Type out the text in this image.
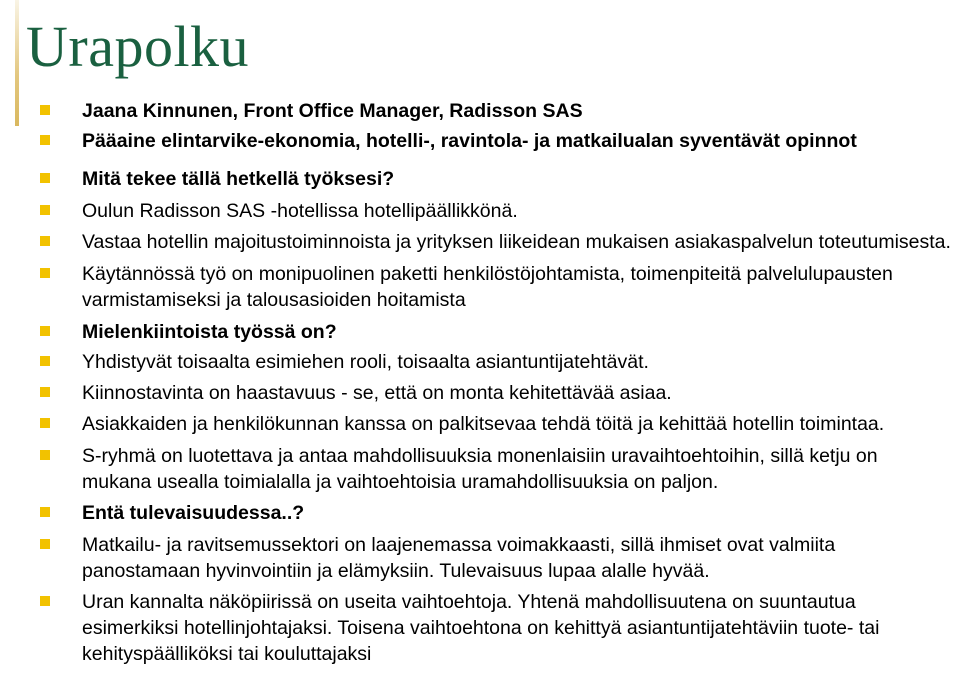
Urapolku
Jaana Kinnunen, Front Office Manager, Radisson SAS
Pääaine elintarvike-ekonomia, hotelli-, ravintola- ja matkailualan syventävät opinnot
Mitä tekee tällä hetkellä työksesi?
Oulun Radisson SAS -hotellissa hotellipäällikkönä.
Vastaa hotellin majoitustoiminnoista ja yrityksen liikeidean mukaisen asiakaspalvelun toteutumisesta.
Käytännössä työ on monipuolinen paketti henkilöstöjohtamista, toimenpiteitä palvelulupausten varmistamiseksi ja talousasioiden hoitamista
Mielenkiintoista työssä on?
Yhdistyvät toisaalta esimiehen rooli, toisaalta asiantuntijatehtävät.
Kiinnostavinta on haastavuus - se, että on monta kehitettävää asiaa.
Asiakkaiden ja henkilökunnan kanssa on palkitsevaa tehdä töitä ja kehittää hotellin toimintaa.
S-ryhmä on luotettava ja antaa mahdollisuuksia monenlaisiin uravaihtoehtoihin, sillä ketju on mukana usealla toimialalla ja vaihtoehtoisia uramahdollisuuksia on paljon.
Entä tulevaisuudessa..?
Matkailu- ja ravitsemussektori on laajenemassa voimakkaasti, sillä ihmiset ovat valmiita panostamaan hyvinvointiin ja elämyksiin. Tulevaisuus lupaa alalle hyvää.
Uran kannalta näköpiirissä on useita vaihtoehtoja. Yhtenä mahdollisuutena on suuntautua esimerkiksi hotellinjohtajaksi. Toisena vaihtoehtona on kehittyä asiantuntijatehtäviin tuote- tai kehityspäälliköksi tai kouluttajaksi
